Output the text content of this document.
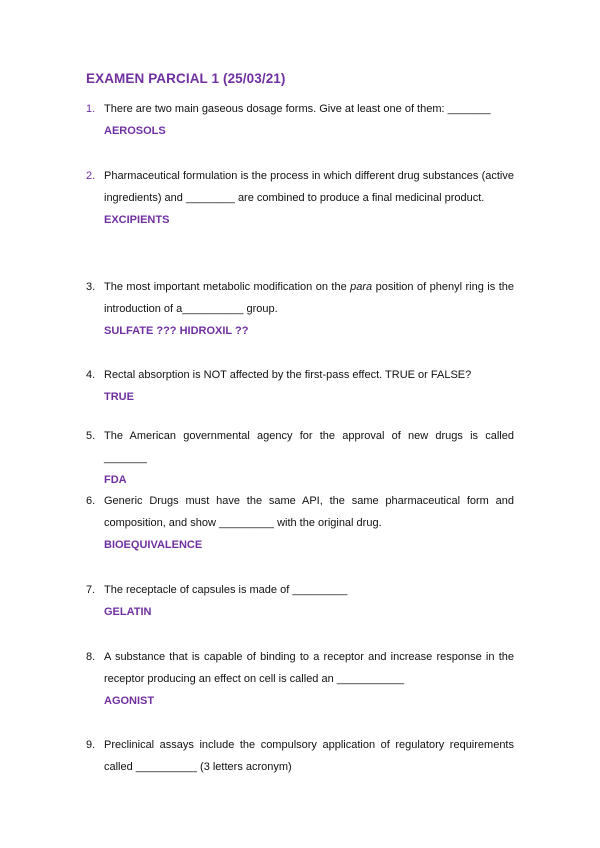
EXAMEN PARCIAL 1 (25/03/21)
1. There are two main gaseous dosage forms. Give at least one of them: _______
AEROSOLS
2. Pharmaceutical formulation is the process in which different drug substances (active ingredients) and ________ are combined to produce a final medicinal product.
EXCIPIENTS
3. The most important metabolic modification on the para position of phenyl ring is the introduction of a__________ group.
SULFATE ??? HIDROXIL ??
4. Rectal absorption is NOT affected by the first-pass effect. TRUE or FALSE?
TRUE
5. The American governmental agency for the approval of new drugs is called _______
FDA
6. Generic Drugs must have the same API, the same pharmaceutical form and composition, and show _________ with the original drug.
BIOEQUIVALENCE
7. The receptacle of capsules is made of _________
GELATIN
8. A substance that is capable of binding to a receptor and increase response in the receptor producing an effect on cell is called an ___________
AGONIST
9. Preclinical assays include the compulsory application of regulatory requirements called __________ (3 letters acronym)
